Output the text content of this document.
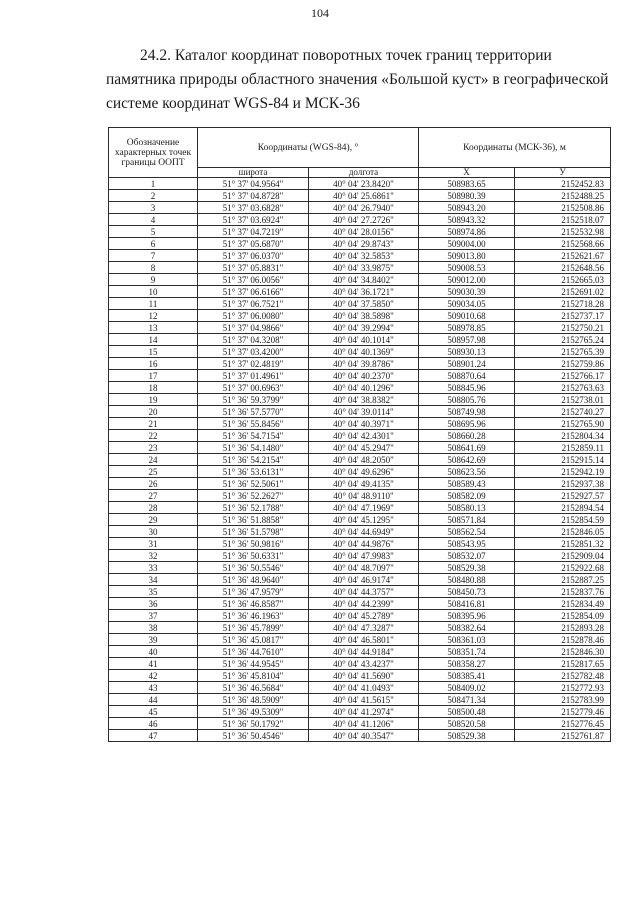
104

24.2. Каталог координат поворотных точек границ территории

памятника природы областного значения «Большой куст» в географической

системе координат WGS-84 и МСК-36

Обозначение характерных точек границы ООПТ	Координаты (WGS-84), °		Координаты (МСК-36), м	
	широта	долгота	X	У
1	51° 37' 04.9564"	40° 04' 23.8420"	508983.65	2152452.83
2	51° 37' 04.8728"	40° 04' 25.6861"	508980.39	2152488.25
3	51° 37' 03.6828"	40° 04' 26.7940"	508943.20	2152508.86
4	51° 37' 03.6924"	40° 04' 27.2726"	508943.32	2152518.07
5	51° 37' 04.7219"	40° 04' 28.0156"	508974.86	2152532.98
6	51° 37' 05.6870"	40° 04' 29.8743"	509004.00	2152568.66
7	51° 37' 06.0370"	40° 04' 32.5853"	509013.80	2152621.67
8	51° 37' 05.8831"	40° 04' 33.9875"	509008.53	2152648.56
9	51° 37' 06.0056"	40° 04' 34.8402"	509012.00	2152665.03
10	51° 37' 06.6166"	40° 04' 36.1721"	509030.39	2152691.02
11	51° 37' 06.7521"	40° 04' 37.5850"	509034.05	2152718.28
12	51° 37' 06.0080"	40° 04' 38.5898"	509010.68	2152737.17
13	51° 37' 04.9866"	40° 04' 39.2994"	508978.85	2152750.21
14	51° 37' 04.3208"	40° 04' 40.1014"	508957.98	2152765.24
15	51° 37' 03.4200"	40° 04' 40.1369"	508930.13	2152765.39
16	51° 37' 02.4819"	40° 04' 39.8786"	508901.24	2152759.86
17	51° 37' 01.4961"	40° 04' 40.2370"	508870.64	2152766.17
18	51° 37' 00.6963"	40° 04' 40.1296"	508845.96	2152763.63
19	51° 36' 59.3799"	40° 04' 38.8382"	508805.76	2152738.01
20	51° 36' 57.5770"	40° 04' 39.0114"	508749.98	2152740.27
21	51° 36' 55.8456"	40° 04' 40.3971"	508695.96	2152765.90
22	51° 36' 54.7154"	40° 04' 42.4301"	508660.28	2152804.34
23	51° 36' 54.1480"	40° 04' 45.2947"	508641.69	2152859.11
24	51° 36' 54.2154"	40° 04' 48.2050"	508642.69	2152915.14
25	51° 36' 53.6131"	40° 04' 49.6296"	508623.56	2152942.19
26	51° 36' 52.5061"	40° 04' 49.4135"	508589.43	2152937.38
27	51° 36' 52.2627"	40° 04' 48.9110"	508582.09	2152927.57
28	51° 36' 52.1788"	40° 04' 47.1969"	508580.13	2152894.54
29	51° 36' 51.8858"	40° 04' 45.1295"	508571.84	2152854.59
30	51° 36' 51.5798"	40° 04' 44.6949"	508562.54	2152846.05
31	51° 36' 50.9816"	40° 04' 44.9876"	508543.95	2152851.32
32	51° 36' 50.6331"	40° 04' 47.9983"	508532.07	2152909.04
33	51° 36' 50.5546"	40° 04' 48.7097"	508529.38	2152922.68
34	51° 36' 48.9640"	40° 04' 46.9174"	508480.88	2152887.25
35	51° 36' 47.9579"	40° 04' 44.3757"	508450.73	2152837.76
36	51° 36' 46.8587"	40° 04' 44.2399"	508416.81	2152834.49
37	51° 36' 46.1963"	40° 04' 45.2789"	508395.96	2152854.09
38	51° 36' 45.7899"	40° 04' 47.3287"	508382.64	2152893.28
39	51° 36' 45.0817"	40° 04' 46.5801"	508361.03	2152878.46
40	51° 36' 44.7610"	40° 04' 44.9184"	508351.74	2152846.30
41	51° 36' 44.9545"	40° 04' 43.4237"	508358.27	2152817.65
42	51° 36' 45.8104"	40° 04' 41.5690"	508385.41	2152782.48
43	51° 36' 46.5684"	40° 04' 41.0493"	508409.02	2152772.93
44	51° 36' 48.5909"	40° 04' 41.5615"	508471.34	2152783.99
45	51° 36' 49.5309"	40° 04' 41.2974"	508500.48	2152779.46
46	51° 36' 50.1792"	40° 04' 41.1206"	508520.58	2152776.45
47	51° 36' 50.4546"	40° 04' 40.3547"	508529.38	2152761.87
